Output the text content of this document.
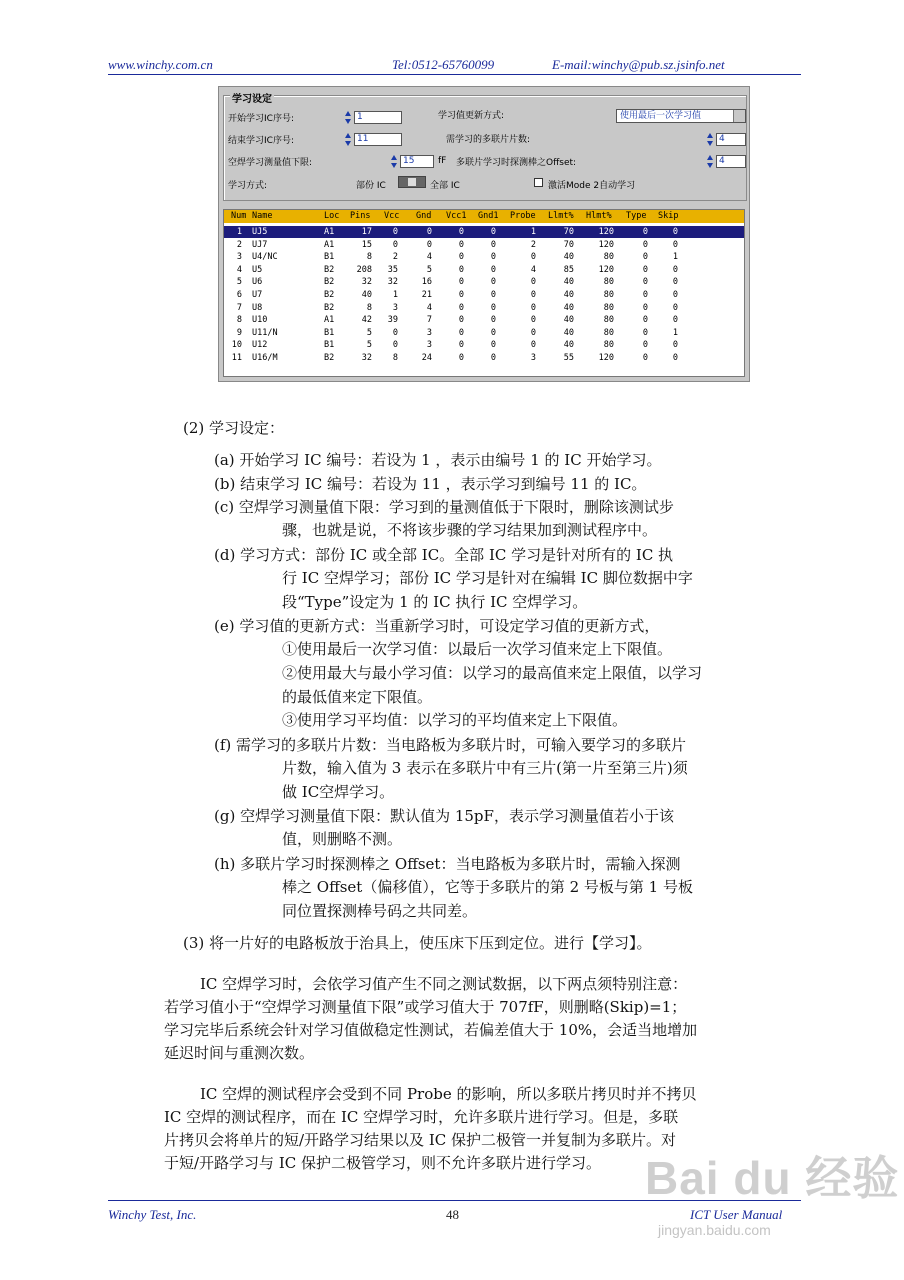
www.winchy.com.cn	Tel:0512-65760099	E-mail:winchy@pub.sz.jsinfo.net
学习设定
开始学习IC序号:	1
结束学习IC序号:	11
空焊学习测量值下限:	15	fF
学习方式:	部份 IC	全部 IC
学习值更新方式:	使用最后一次学习值
需学习的多联片片数:	4
多联片学习时探测棒之Offset:	4
激活Mode 2自动学习
Num Name	Loc Pins Vcc Gnd Vcc1 Gnd1 Probe Llmt% Hlmt% Type Skip
1 UJ5	A1	17	0	0	0	0	1	70	120	0	0
2 UJ7	A1	15	0	0	0	0	2	70	120	0	0
3 U4/NC	B1	8	2	4	0	0	0	40	80	0	1
4 U5	B2	208	35	5	0	0	4	85	120	0	0
5 U6	B2	32	32	16	0	0	0	40	80	0	0
6 U7	B2	40	1	21	0	0	0	40	80	0	0
7 U8	B2	8	3	4	0	0	0	40	80	0	0
8 U10	A1	42	39	7	0	0	0	40	80	0	0
9 U11/N	B1	5	0	3	0	0	0	40	80	0	1
10 U12	B1	5	0	3	0	0	0	40	80	0	0
11 U16/M	B2	32	8	24	0	0	3	55	120	0	0
(2) 学习设定：
(a) 开始学习 IC 编号：若设为 1 ，表示由编号 1 的 IC 开始学习。
(b) 结束学习 IC 编号：若设为 11 ，表示学习到编号 11 的 IC。
(c) 空焊学习测量值下限：学习到的量测值低于下限时，删除该测试步
骤，也就是说，不将该步骤的学习结果加到测试程序中。
(d) 学习方式：部份 IC 或全部 IC。全部 IC 学习是针对所有的 IC 执
行 IC 空焊学习；部份 IC 学习是针对在编辑 IC 脚位数据中字
段“Type”设定为 1 的 IC 执行 IC 空焊学习。
(e) 学习值的更新方式：当重新学习时，可设定学习值的更新方式，
①使用最后一次学习值：以最后一次学习值来定上下限值。
②使用最大与最小学习值：以学习的最高值来定上限值，以学习
的最低值来定下限值。
③使用学习平均值：以学习的平均值来定上下限值。
(f) 需学习的多联片片数：当电路板为多联片时，可输入要学习的多联片
片数，输入值为 3 表示在多联片中有三片(第一片至第三片)须
做 IC空焊学习。
(g) 空焊学习测量值下限：默认值为 15pF，表示学习测量值若小于该
值，则删略不测。
(h) 多联片学习时探测棒之 Offset：当电路板为多联片时，需输入探测
棒之 Offset（偏移值），它等于多联片的第 2 号板与第 1 号板
同位置探测棒号码之共同差。
(3) 将一片好的电路板放于治具上，使压床下压到定位。进行【学习】。
IC 空焊学习时，会依学习值产生不同之测试数据，以下两点须特别注意：
若学习值小于“空焊学习测量值下限”或学习值大于 707fF，则删略(Skip)=1；
学习完毕后系统会针对学习值做稳定性测试，若偏差值大于 10%，会适当地增加
延迟时间与重测次数。
IC 空焊的测试程序会受到不同 Probe 的影响，所以多联片拷贝时并不拷贝
IC 空焊的测试程序，而在 IC 空焊学习时，允许多联片进行学习。但是，多联
片拷贝会将单片的短/开路学习结果以及 IC 保护二极管一并复制为多联片。对
于短/开路学习与 IC 保护二极管学习，则不允许多联片进行学习。 Bai du 经验
jingyan.baidu.com
Winchy Test, Inc.	48	ICT User Manual
